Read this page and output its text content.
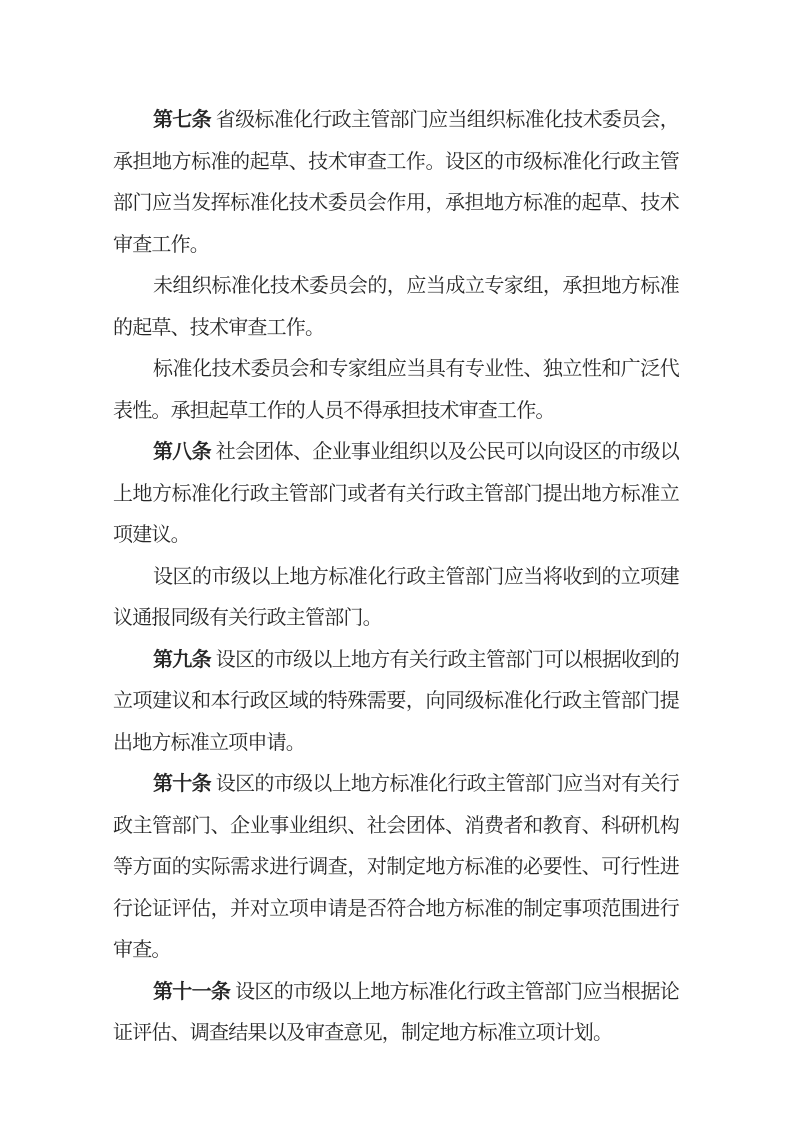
第七条 省级标准化行政主管部门应当组织标准化技术委员会，承担地方标准的起草、技术审查工作。设区的市级标准化行政主管部门应当发挥标准化技术委员会作用，承担地方标准的起草、技术审查工作。

未组织标准化技术委员会的，应当成立专家组，承担地方标准的起草、技术审查工作。

标准化技术委员会和专家组应当具有专业性、独立性和广泛代表性。承担起草工作的人员不得承担技术审查工作。

第八条 社会团体、企业事业组织以及公民可以向设区的市级以上地方标准化行政主管部门或者有关行政主管部门提出地方标准立项建议。

设区的市级以上地方标准化行政主管部门应当将收到的立项建议通报同级有关行政主管部门。

第九条 设区的市级以上地方有关行政主管部门可以根据收到的立项建议和本行政区域的特殊需要，向同级标准化行政主管部门提出地方标准立项申请。

第十条 设区的市级以上地方标准化行政主管部门应当对有关行政主管部门、企业事业组织、社会团体、消费者和教育、科研机构等方面的实际需求进行调查，对制定地方标准的必要性、可行性进行论证评估，并对立项申请是否符合地方标准的制定事项范围进行审查。

第十一条 设区的市级以上地方标准化行政主管部门应当根据论证评估、调查结果以及审查意见，制定地方标准立项计划。
